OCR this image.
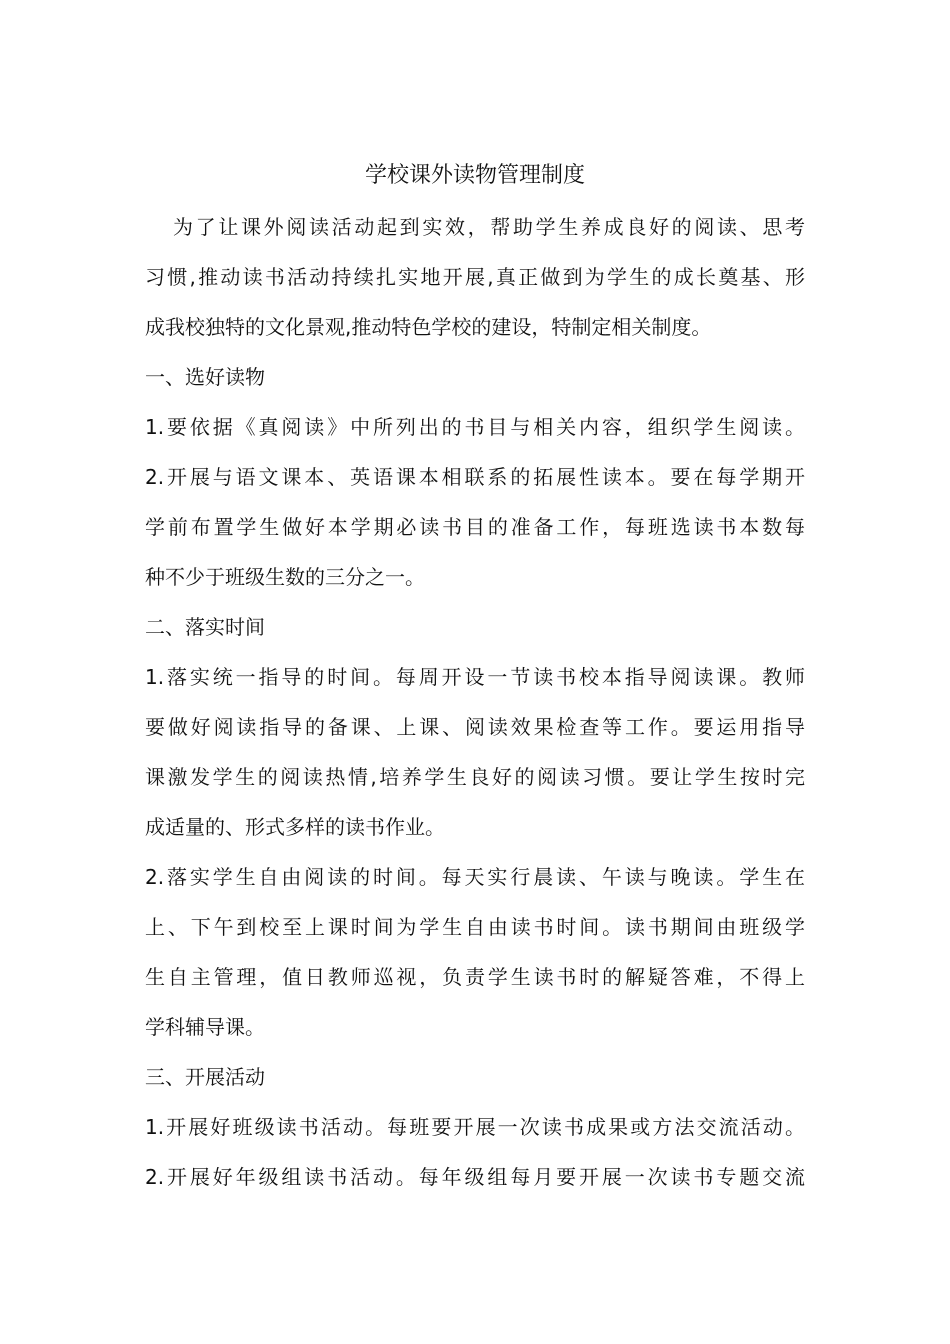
学校课外读物管理制度
为了让课外阅读活动起到实效，帮助学生养成良好的阅读、思考
习惯,推动读书活动持续扎实地开展,真正做到为学生的成长奠基、形
成我校独特的文化景观,推动特色学校的建设，特制定相关制度。
一、选好读物
1.要依据《真阅读》中所列出的书目与相关内容，组织学生阅读。
2.开展与语文课本、英语课本相联系的拓展性读本。要在每学期开
学前布置学生做好本学期必读书目的准备工作，每班选读书本数每
种不少于班级生数的三分之一。
二、落实时间
1.落实统一指导的时间。每周开设一节读书校本指导阅读课。教师
要做好阅读指导的备课、上课、阅读效果检查等工作。要运用指导
课激发学生的阅读热情,培养学生良好的阅读习惯。要让学生按时完
成适量的、形式多样的读书作业。
2.落实学生自由阅读的时间。每天实行晨读、午读与晚读。学生在
上、下午到校至上课时间为学生自由读书时间。读书期间由班级学
生自主管理，值日教师巡视，负责学生读书时的解疑答难，不得上
学科辅导课。
三、开展活动
1.开展好班级读书活动。每班要开展一次读书成果或方法交流活动。
2.开展好年级组读书活动。每年级组每月要开展一次读书专题交流
